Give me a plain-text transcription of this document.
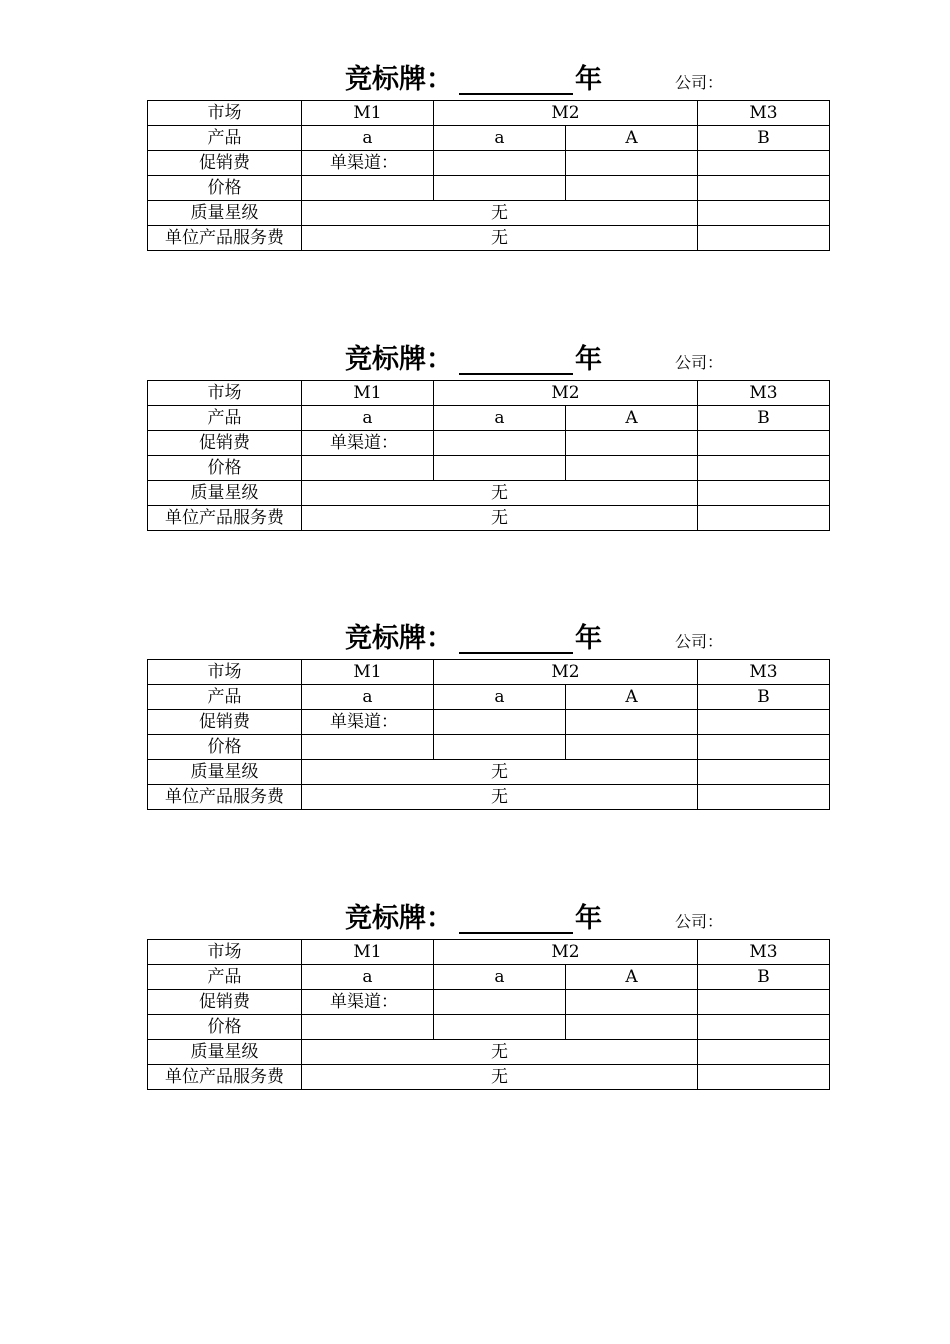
竞标牌：	年	公司：
市场	M1	M2		M3
产品	a	a	A	B
促销费	单渠道：			
价格				
质量星级	无			
单位产品服务费	无			
竞标牌：	年	公司：
市场	M1	M2		M3
产品	a	a	A	B
促销费	单渠道：			
价格				
质量星级	无			
单位产品服务费	无			
竞标牌：	年	公司：
市场	M1	M2		M3
产品	a	a	A	B
促销费	单渠道：			
价格				
质量星级	无			
单位产品服务费	无			
竞标牌：	年	公司：
市场	M1	M2		M3
产品	a	a	A	B
促销费	单渠道：			
价格				
质量星级	无			
单位产品服务费	无			
